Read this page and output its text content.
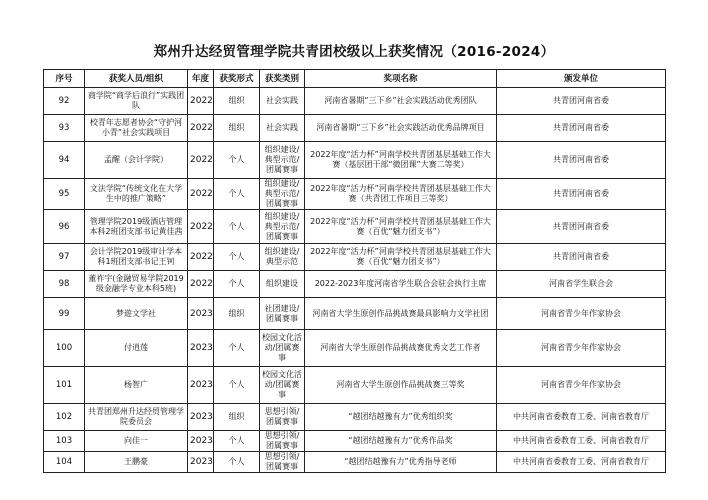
郑州升达经贸管理学院共青团校级以上获奖情况（2016-2024）
序号	获奖人员/组织	年度	获奖形式	获奖类别	奖项名称	颁发单位
92	商学院“商学后浪行”实践团队	2022	组织	社会实践	河南省暑期“三下乡”社会实践活动优秀团队	共青团河南省委
93	校青年志愿者协会“守护河小青”社会实践项目	2022	组织	社会实践	河南省暑期“三下乡”社会实践活动优秀品牌项目	共青团河南省委
94	孟醒（会计学院）	2022	个人	组织建设/典型示范/团属赛事	2022年度“活力杯”河南学校共青团基层基础工作大赛（基层团干部“微团课”大赛二等奖）	共青团河南省委
95	文法学院“传统文化在大学生中的推广策略”	2022	个人	组织建设/典型示范/团属赛事	2022年度“活力杯”河南学校共青团基层基础工作大赛（共青团工作项目三等奖）	共青团河南省委
96	管理学院2019级酒店管理本科2班团支部书记黄佳茜	2022	个人	组织建设/典型示范/团属赛事	2022年度“活力杯”河南学校共青团基层基础工作大赛（百优“魅力团支书”）	共青团河南省委
97	会计学院2019级审计学本科1班团支部书记王钶	2022	个人	组织建设/典型示范	2022年度“活力杯”河南学校共青团基层基础工作大赛（百优“魅力团支书”）	共青团河南省委
98	董祚宇(金融贸易学院2019级金融学专业本科5班)	2022	个人	组织建设	2022-2023年度河南省学生联合会驻会执行主席	河南省学生联合会
99	梦遊文学社	2023	组织	社团建设/团属赛事	河南省大学生原创作品挑战赛最具影响力文学社团	河南省青少年作家协会
100	付逍莲	2023	个人	校园文化活动/团属赛事	河南省大学生原创作品挑战赛优秀文艺工作者	河南省青少年作家协会
101	杨智广	2023	个人	校园文化活动/团属赛事	河南省大学生原创作品挑战赛三等奖	河南省青少年作家协会
102	共青团郑州升达经贸管理学院委员会	2023	组织	思想引领/团属赛事	“越团结越豫有力”优秀组织奖	中共河南省委教育工委、河南省教育厅
103	向佳一	2023	个人	思想引领/团属赛事	“越团结越豫有力”优秀作品奖	中共河南省委教育工委、河南省教育厅
104	王鹏豪	2023	个人	思想引领/团属赛事	“越团结越豫有力”优秀指导老师	中共河南省委教育工委、河南省教育厅
